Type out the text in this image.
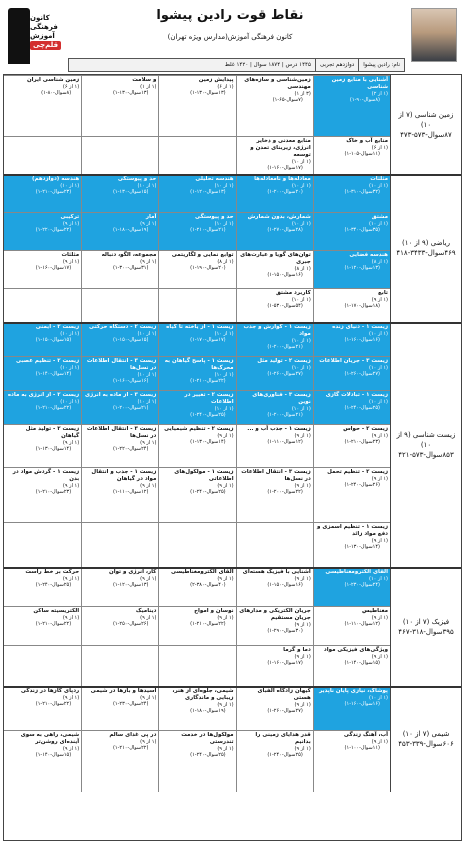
نقاط قوت رادین پیشوا
کانون فرهنگی آموزش(مدارس ویژه تهران)
کانون
فرهنگی
آموزش
قلم‌چی
نام: رادین پیشوا
دوازدهم تجربی
۱۴۴۵ درس | ۱۸۷۴ سوال | ۱۴۲۰ غلط
آشنایی با منابع زمین شناسی
(۱ از ۲)
(۸سوال-۹۰-۱)
زمین‌شناسی و سازه‌های مهندسی
(۳ از ۱)
(۷سوال-۶۵-۱)
پیدایش زمین
(۱ از ۶)
(۱۳سوال-۱۳۰-۱)
و سلامت
(۱ از ۱)
(۱۳سوال-۱۳۰-۱)
زمین شناسی ایران
(۱ از ۶)
(۸سوال-۸۰-۱)
منابع آب و خاک
(۱ از ۶)
(۱۱سوال-۱۰۵-۱)
منابع معدنی و ذخایر انرژی، زیربنای تمدن و توسعه
(۱ از ۱۰)
(۱۷سوال-۱۶۰-۱)
زمین شناسی (۷ از ۱۰)
۸۷سوال-۵۷۳-۴۷۳
مثلثات
(۱ از ۱۰)
(۳۲سوال-۳۱۰-۱)
معادله‌ها و نامعادله‌ها
(۱ از ۱۰)
(۲۰سوال-۲۰۰-۱)
هندسه تحلیلی
(۱ از ۱۰)
(۱۳سوال-۱۲۰-۱)
حد و پیوستگی
(۱ از ۱۰)
(۱۵سوال-۱۳۰-۱)
هندسه (دوازدهم)
(۱ از ۱۰)
(۲۳سوال-۲۱۰-۱)
مشتق
(۱ از ۱۰)
(۳۵سوال-۳۴۰-۱)
شمارش، بدون شمارش
(۱ از ۱۰)
(۲۸سوال-۲۷۰-۱)
حد و پیوستگی
(۱ از ۱۰)
(۲۱سوال-۲۱۰-۱)
آمار
(۱ از ۹)
(۱۹سوال-۱۸۰-۱)
ترکیبی
(۱ از ۹)
(۲۲سوال-۲۲۰-۱)
هندسه فضایی
(۱ از ۸)
(۱۳سوال-۱۲۰-۱)
توان‌های گویا و عبارت‌های جبری
(۱ از ۸)
(۱۶سوال-۱۵۰-۱)
توابع نمایی و لگاریتمی
(۱ از ۸)
(۲۰سوال-۱۹۰-۱)
مجموعه، الگو، دنباله
(۱ از ۹)
(۳۱سوال-۳۰۰-۱)
مثلثات
(۱ از ۹)
(۱۷سوال-۱۶۰-۱)
تابع
(۱ از ۹)
(۱۸سوال-۱۷۰-۱)
کاربرد مشتق
(۱ از ۱۰)
(۵۴سوال-۵۳۰-۱)
ریاضی (۹ از ۱۰)
۴۶۹سوال-۳۴۳۳-۴۱۸
زیست ۱ - دنیای زنده
(۱ از ۱۰)
(۱۶سوال-۱۶۰-۱)
زیست ۱ - گوارش و جذب مواد
(۱ از ۱۰)
(۲۱سوال-۲۰۰-۱)
زیست ۱ - از یاخته تا گیاه
(۱ از ۱۰)
(۱۷سوال-۱۷۰-۱)
زیست ۲ - دستگاه حرکتی
(۱ از ۱۰)
(۱۵سوال-۱۵۰-۱)
زیست ۲ - ایمنی
(۱ از ۱۰)
(۱۵سوال-۱۵۰-۱)
زیست ۳ - جریان اطلاعات
(۱ از ۱۰)
(۲۷سوال-۲۶۰-۱)
زیست ۲ - تولید مثل
(۱ از ۱۰)
(۲۷سوال-۲۶۰-۱)
زیست ۱ - پاسخ گیاهان به محرک‌ها
(۱ از ۱۰)
(۲۲سوال-۲۱۰-۱)
زیست ۳ - انتقال اطلاعات در نسل‌ها
(۱ از ۱۰)
(۱۶سوال-۱۶۰-۱)
زیست ۲ - تنظیم عصبی
(۱ از ۱۰)
(۱۴سوال-۱۴۰-۱)
زیست ۱ - تبادلات گازی
(۱ از ۱۰)
(۲۵سوال-۲۴۰-۱)
زیست ۳ - فناوری‌های نوین
(۱ از ۱۰)
(۲۱سوال-۲۰۰-۱)
زیست ۲ - تغییر در اطلاعات
(۱ از ۱۰)
(۲۵سوال-۲۴۰-۱)
زیست ۳ - از ماده به انرژی
(۱ از ۱۰)
(۲۱سوال-۲۰۰-۱)
زیست ۲ - از انرژی به ماده
(۱ از ۱۰)
(۲۲سوال-۲۱۰-۱)
زیست ۲ - حواس
(۱ از ۹)
(۲۳سوال-۲۱۰-۱)
زیست ۱ - جذب آب و ...
(۱ از ۹)
(۱۲سوال-۱۱۰-۱)
زیست ۲ - تنظیم شیمیایی
(۱ از ۹)
(۱۴سوال-۱۳۰-۱)
زیست ۳ - انتقال اطلاعات در نسل‌ها
(۱ از ۹)
(۲۴سوال-۲۲۰-۱)
زیست ۲ - تولید مثل گیاهان
(۱ از ۹)
(۱۴سوال-۱۳۰-۱)
زیست ۲ - تنظیم تحمل
(۱ از ۹)
(۲۶سوال-۲۴۰-۱)
زیست ۳ - انتقال اطلاعات در نسل‌ها
(۱ از ۹)
(۲۲سوال-۲۰۰-۱)
زیست ۱ - مولکول‌های اطلاعاتی
(۱ از ۹)
(۲۵سوال-۲۴۰-۱)
زیست ۱ - جذب و انتقال مواد در گیاهان
(۱ از ۹)
(۱۲سوال-۱۱۰-۱)
زیست ۱ - گردش مواد در بدن
(۱ از ۹)
(۲۳سوال-۲۱۰-۱)
زیست ۱ - تنظیم اسمزی و دفع مواد زائد
(۱ از ۹)
(۱۴سوال-۱۳۰-۱)
زیست شناسی (۹ از ۱۰)
۸۵۳سوال-۵۷۳-۴۲۱
القای الکترومغناطیسی
(۱ از ۱۰)
(۲۴سوال-۲۳۰-۱)
آشنایی با فیزیک هسته‌ای
(۱ از ۹)
(۱۶سوال-۱۵۰-۱)
القای الکترومغناطیسی
(۱ از ۹)
(۴۰سوال-۳۸۰-۲)
کار، انرژی و توان
(۱ از ۹)
(۱۳سوال-۱۲۰-۱)
حرکت بر خط راست
(۱ از ۹)
(۲۵سوال-۲۴۰-۱)
مغناطیس
(۱ از ۹)
(۱۲سوال-۱۱۰-۱)
جریان الکتریکی و مدارهای جریان مستقیم
(۱ از ۹)
(۳۰سوال-۲۹۰-۱)
نوسان و امواج
(۱ از ۹)
(۲۲سوال-۲۱۰-۱)
دینامیک
(۱ از ۹)
(۲۶سوال-۲۵۰-۱)
الکتریسیته ساکن
(۱ از ۹)
(۲۲سوال-۲۱۰-۱)
ویژگی‌های فیزیکی مواد
(۱ از ۹)
(۱۵سوال-۱۴۰-۱)
دما و گرما
(۱ از ۹)
(۱۷سوال-۱۶۰-۱)
فیزیک (۷ از ۱۰)
۳۹۵سوال-۳۱۸-۴۶۷
پوشاک، نیازی پایان ناپذیر
(۱ از ۱۰)
(۱۶سوال-۱۶۰-۱)
کیهان زادگاه الفبای هستی
(۱ از ۹)
(۲۷سوال-۲۶۰-۱)
شیمی، جلوه‌ای از هنر، زیبایی و ماندگاری
(۱ از ۹)
(۱۹سوال-۱۸۰-۱)
اسیدها و بازها در شیمی
(۱ از ۹)
(۲۴سوال-۲۳۰-۱)
ردپای گازها در زندگی
(۱ از ۹)
(۲۲سوال-۲۱۰-۱)
آب، آهنگ زندگی
(۱ از ۹)
(۱۱سوال-۱۰۰-۱)
قدر هدایای زمینی را بدانیم
(۱ از ۹)
(۲۵سوال-۲۴۰-۱)
مولکول‌ها در خدمت تندرستی
(۱ از ۹)
(۲۵سوال-۲۴۰-۱)
در پی غذای سالم
(۱ از ۹)
(۲۲سوال-۲۱۰-۱)
شیمی، راهی به سوی آینده‌ای روشن‌تر
(۱ از ۹)
(۱۵سوال-۱۴۰-۱)
شیمی (۷ از ۱۰)
۶۰۶سوال-۳۳۹-۴۵۳
